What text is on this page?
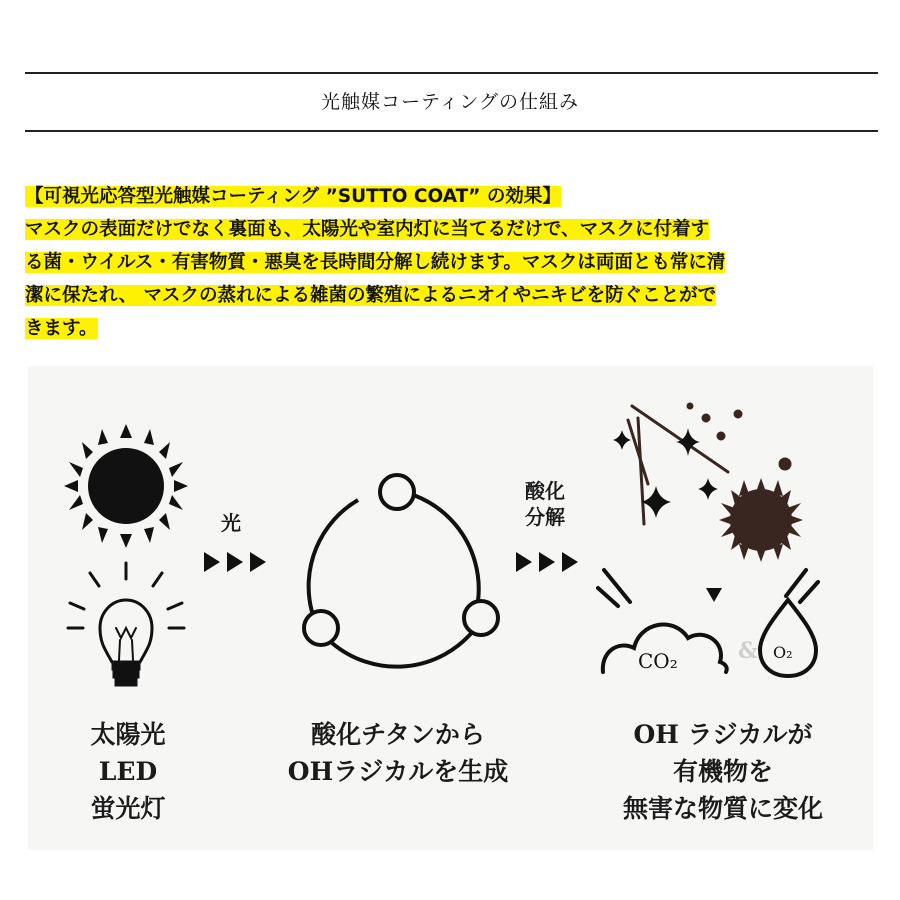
光触媒コーティングの仕組み
【可視光応答型光触媒コーティング ”SUTTO COAT” の効果】
マスクの表面だけでなく裏面も、太陽光や室内灯に当てるだけで、マスクに付着す
る菌・ウイルス・有害物質・悪臭を長時間分解し続けます。マスクは両面とも常に清
潔に保たれ、 マスクの蒸れによる雑菌の繁殖によるニオイやニキビを防ぐことがで
きます。
&
CO₂	O₂
光
酸化
分解
太陽光
LED
蛍光灯
酸化チタンから
OHラジカルを生成
OH ラジカルが
有機物を
無害な物質に変化
